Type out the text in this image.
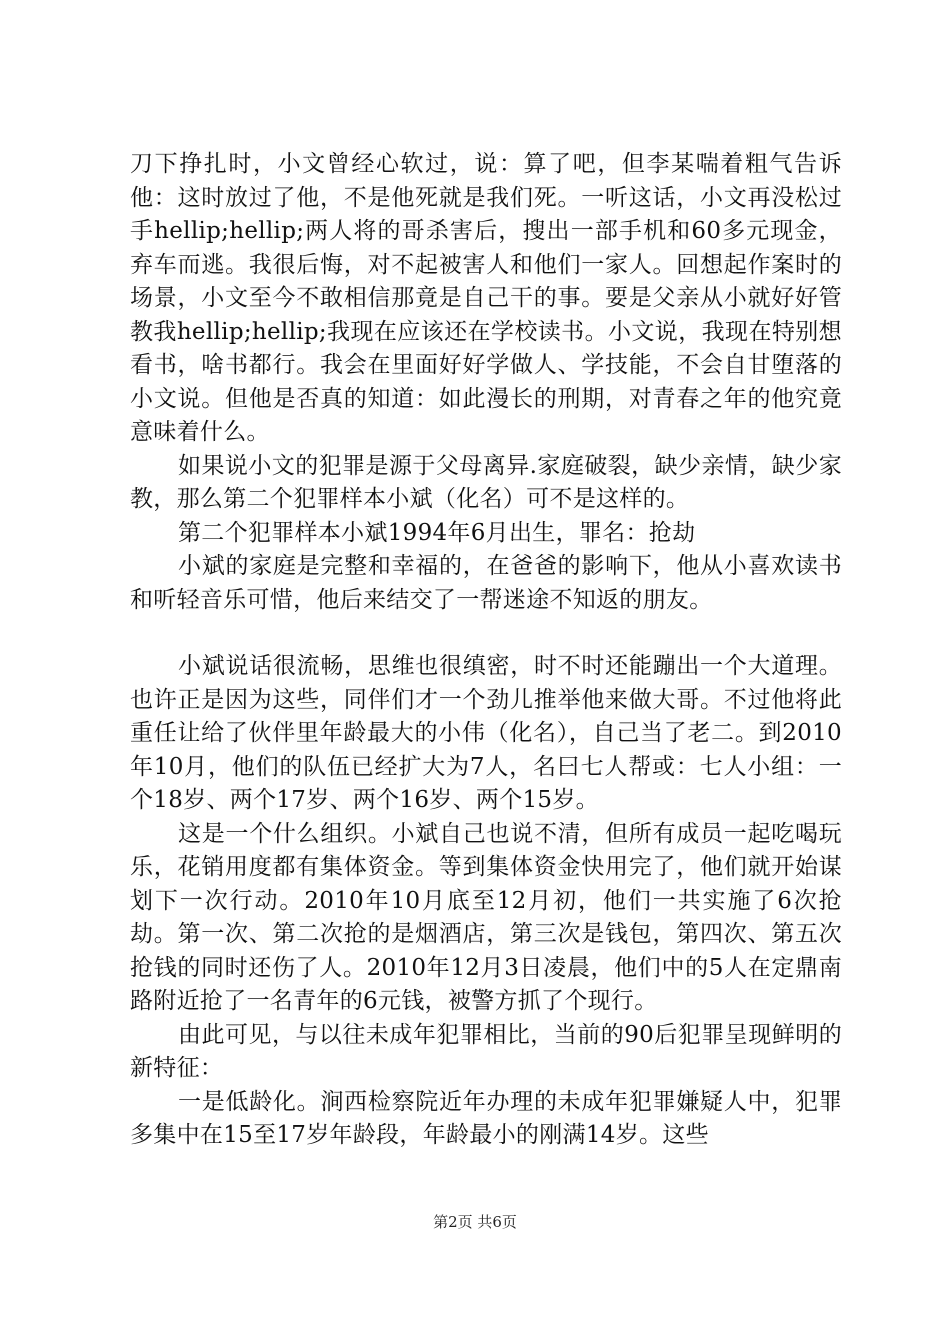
刀下挣扎时，小文曾经心软过，说：算了吧，但李某喘着粗气告诉他：这时放过了他，不是他死就是我们死。一听这话，小文再没松过手hellip;hellip;两人将的哥杀害后，搜出一部手机和60多元现金，弃车而逃。我很后悔，对不起被害人和他们一家人。回想起作案时的场景，小文至今不敢相信那竟是自己干的事。要是父亲从小就好好管教我hellip;hellip;我现在应该还在学校读书。小文说，我现在特别想看书，啥书都行。我会在里面好好学做人、学技能，不会自甘堕落的小文说。但他是否真的知道：如此漫长的刑期，对青春之年的他究竟意味着什么。

如果说小文的犯罪是源于父母离异.家庭破裂，缺少亲情，缺少家教，那么第二个犯罪样本小斌（化名）可不是这样的。

第二个犯罪样本小斌1994年6月出生，罪名：抢劫

小斌的家庭是完整和幸福的，在爸爸的影响下，他从小喜欢读书和听轻音乐可惜，他后来结交了一帮迷途不知返的朋友。

小斌说话很流畅，思维也很缜密，时不时还能蹦出一个大道理。也许正是因为这些，同伴们才一个劲儿推举他来做大哥。不过他将此重任让给了伙伴里年龄最大的小伟（化名），自己当了老二。到2010年10月，他们的队伍已经扩大为7人，名曰七人帮或：七人小组：一个18岁、两个17岁、两个16岁、两个15岁。

这是一个什么组织。小斌自己也说不清，但所有成员一起吃喝玩乐，花销用度都有集体资金。等到集体资金快用完了，他们就开始谋划下一次行动。2010年10月底至12月初，他们一共实施了6次抢劫。第一次、第二次抢的是烟酒店，第三次是钱包，第四次、第五次抢钱的同时还伤了人。2010年12月3日凌晨，他们中的5人在定鼎南路附近抢了一名青年的6元钱，被警方抓了个现行。

由此可见，与以往未成年犯罪相比，当前的90后犯罪呈现鲜明的新特征：

一是低龄化。涧西检察院近年办理的未成年犯罪嫌疑人中，犯罪多集中在15至17岁年龄段，年龄最小的刚满14岁。这些

第2页 共6页
